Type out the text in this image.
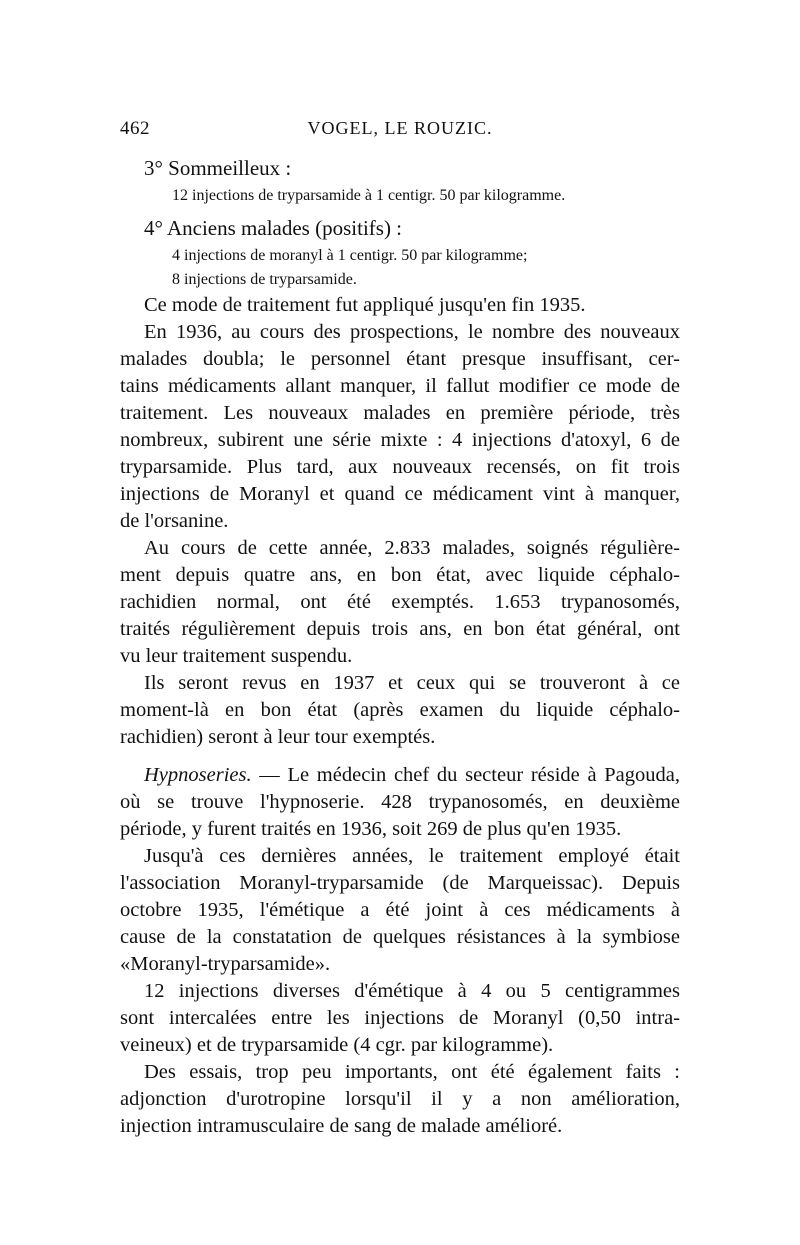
462	VOGEL, LE ROUZIC.
3° Sommeilleux :
12 injections de tryparsamide à 1 centigr. 50 par kilogramme.
4° Anciens malades (positifs) :
4 injections de moranyl à 1 centigr. 50 par kilogramme;
8 injections de tryparsamide.
Ce mode de traitement fut appliqué jusqu'en fin 1935.
En 1936, au cours des prospections, le nombre des nouveaux
malades doubla; le personnel étant presque insuffisant, cer-
tains médicaments allant manquer, il fallut modifier ce mode de
traitement. Les nouveaux malades en première période, très
nombreux, subirent une série mixte : 4 injections d'atoxyl, 6 de
tryparsamide. Plus tard, aux nouveaux recensés, on fit trois
injections de Moranyl et quand ce médicament vint à manquer,
de l'orsanine.
Au cours de cette année, 2.833 malades, soignés régulière-
ment depuis quatre ans, en bon état, avec liquide céphalo-
rachidien normal, ont été exemptés. 1.653 trypanosomés,
traités régulièrement depuis trois ans, en bon état général, ont
vu leur traitement suspendu.
Ils seront revus en 1937 et ceux qui se trouveront à ce
moment-là en bon état (après examen du liquide céphalo-
rachidien) seront à leur tour exemptés.
Hypnoseries. — Le médecin chef du secteur réside à Pagouda,
où se trouve l'hypnoserie. 428 trypanosomés, en deuxième
période, y furent traités en 1936, soit 269 de plus qu'en 1935.
Jusqu'à ces dernières années, le traitement employé était
l'association Moranyl-tryparsamide (de Marqueissac). Depuis
octobre 1935, l'émétique a été joint à ces médicaments à
cause de la constatation de quelques résistances à la symbiose
«Moranyl-tryparsamide».
12 injections diverses d'émétique à 4 ou 5 centigrammes
sont intercalées entre les injections de Moranyl (0,50 intra-
veineux) et de tryparsamide (4 cgr. par kilogramme).
Des essais, trop peu importants, ont été également faits :
adjonction d'urotropine lorsqu'il il y a non amélioration,
injection intramusculaire de sang de malade amélioré.
